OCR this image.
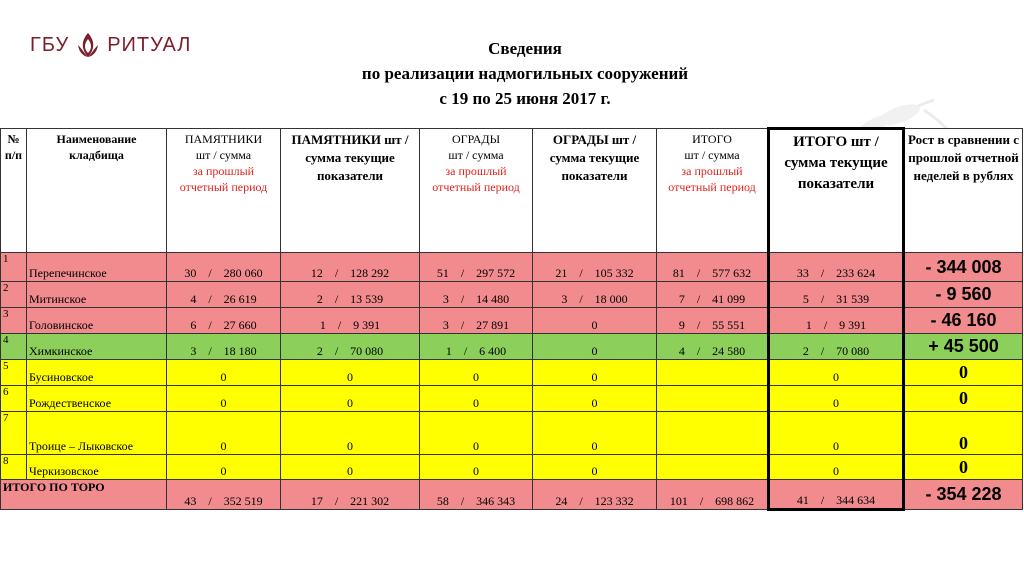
ГБУ РИТУАЛ	Сведения
по реализации надмогильных сооружений
с 19 по 25 июня 2017 г.
№ п/п	Наименование кладбища	ПАМЯТНИКИ
шт / сумма
за прошлый отчетный период	ПАМЯТНИКИ шт / сумма текущие показатели	ОГРАДЫ
шт / сумма
за прошлый отчетный период	ОГРАДЫ шт / сумма текущие показатели	ИТОГО
шт / сумма
за прошлый отчетный период	ИТОГО шт / сумма текущие показатели	Рост в сравнении с прошлой отчетной неделей в рублях
1	Перепечинское	30    /    280 060	12    /    128 292	51    /    297 572	21    /    105 332	81    /    577 632	33    /    233 624	- 344 008
2	Митинское	4    /    26 619	2    /    13 539	3    /    14 480	3    /    18 000	7    /    41 099	5    /    31 539	- 9 560
3	Головинское	6    /    27 660	1    /    9 391	3    /    27 891	0	9    /    55 551	1    /    9 391	- 46 160
4	Химкинское	3    /    18 180	2    /    70 080	1    /    6 400	0	4    /    24 580	2    /    70 080	+ 45 500
5	Бусиновское	0	0	0	0		0	0
6	Рождественское	0	0	0	0		0	0
7	Троице – Лыковское	0	0	0	0		0	0
8	Черкизовское	0	0	0	0		0	0
ИТОГО ПО ТОРО		43    /    352 519	17    /    221 302	58    /    346 343	24    /    123 332	101    /    698 862	41    /    344 634	- 354 228
